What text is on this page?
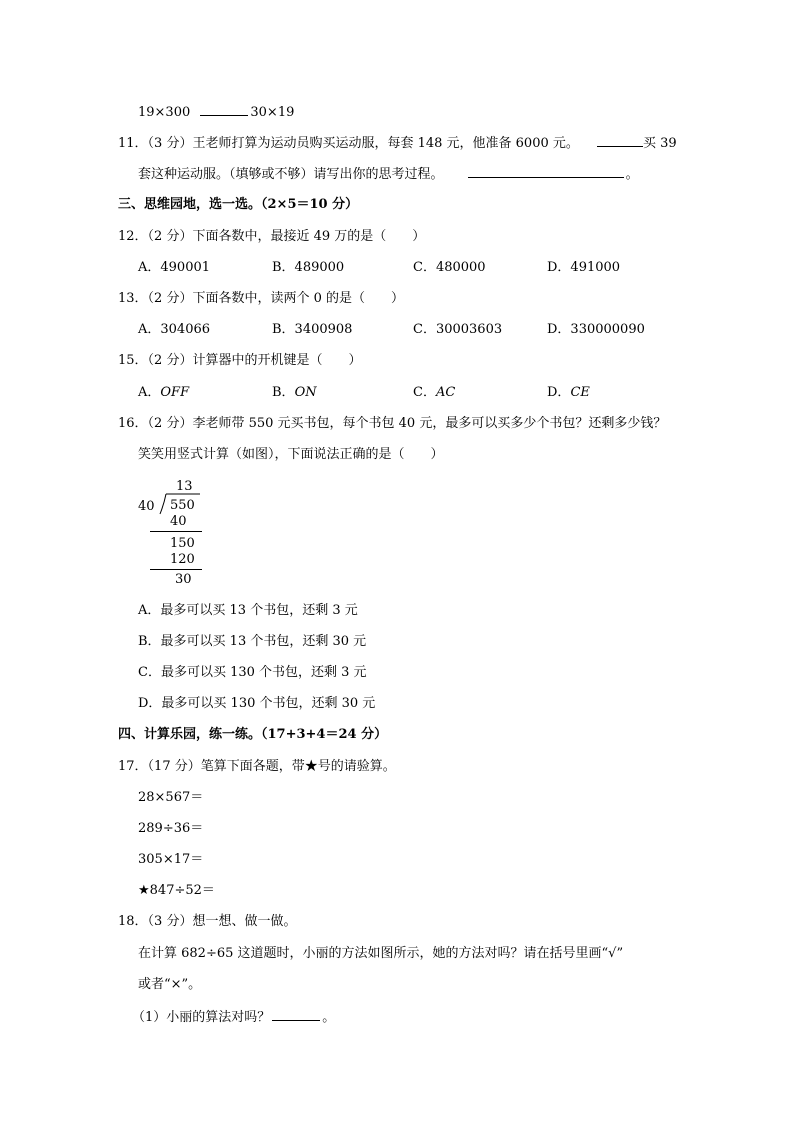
19×300	30×19
11．（3 分）王老师打算为运动员购买运动服，每套 148 元，他准备 6000 元。	买 39
套这种运动服。（填够或不够）请写出你的思考过程。	。
三、思维园地，选一选。（2×5＝10 分）
12．（2 分）下面各数中，最接近 49 万的是（　　）
A．490001	B．489000	C．480000	D．491000
13．（2 分）下面各数中，读两个 0 的是（　　）
A．304066	B．3400908	C．30003603	D．330000090
15．（2 分）计算器中的开机键是（　　）
A．OFF	B．ON	C．AC	D．CE
16．（2 分）李老师带 550 元买书包，每个书包 40 元，最多可以买多少个书包？还剩多少钱？
笑笑用竖式计算（如图），下面说法正确的是（　　）
13
40 550
40
150
120
30
A．最多可以买 13 个书包，还剩 3 元
B．最多可以买 13 个书包，还剩 30 元
C．最多可以买 130 个书包，还剩 3 元
D．最多可以买 130 个书包，还剩 30 元
四、计算乐园，练一练。（17+3+4＝24 分）
17．（17 分）笔算下面各题，带★号的请验算。
28×567＝
289÷36＝
305×17＝
★847÷52＝
18．（3 分）想一想、做一做。
在计算 682÷65 这道题时，小丽的方法如图所示，她的方法对吗？请在括号里画“√”
或者“×”。
（1）小丽的算法对吗？	。
